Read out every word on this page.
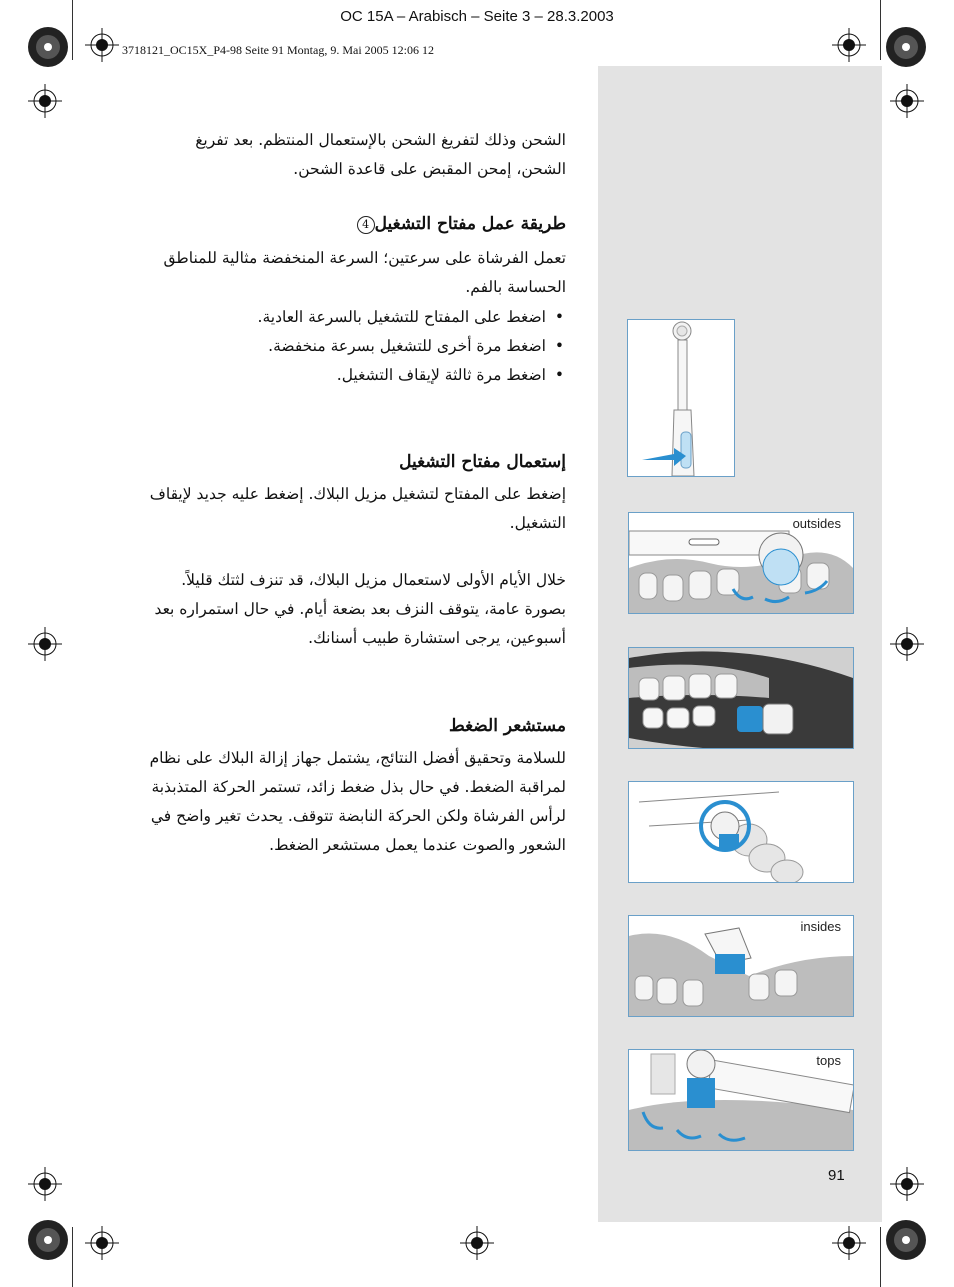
OC 15A – Arabisch – Seite 3 – 28.3.2003
3718121_OC15X_P4-98 Seite 91 Montag, 9. Mai 2005 12:06 12
الشحن وذلك لتفريغ الشحن بالإستعمال المنتظم. بعد تفريغ الشحن، إمحن المقبض على قاعدة الشحن.
طريقة عمل مفتاح التشغيل4
تعمل الفرشاة على سرعتين؛ السرعة المنخفضة مثالية للمناطق الحساسة بالفم.
• اضغط على المفتاح للتشغيل بالسرعة العادية.
• اضغط مرة أخرى للتشغيل بسرعة منخفضة.
• اضغط مرة ثالثة لإيقاف التشغيل.
إستعمال مفتاح التشغيل
إضغط على المفتاح لتشغيل مزيل البلاك. إضغط عليه جديد لإيقاف التشغيل.
خلال الأيام الأولى لاستعمال مزيل البلاك، قد تنزف لثتك قليلاً. بصورة عامة، يتوقف النزف بعد بضعة أيام. في حال استمراره بعد أسبوعين، يرجى استشارة طبيب أسنانك.
مستشعر الضغط
للسلامة وتحقيق أفضل النتائج، يشتمل جهاز إزالة البلاك على نظام لمراقبة الضغط. في حال بذل ضغط زائد، تستمر الحركة المتذبذبة لرأس الفرشاة ولكن الحركة النابضة تتوقف. يحدث تغير واضح في الشعور والصوت عندما يعمل مستشعر الضغط.
outsides
insides
tops
91
